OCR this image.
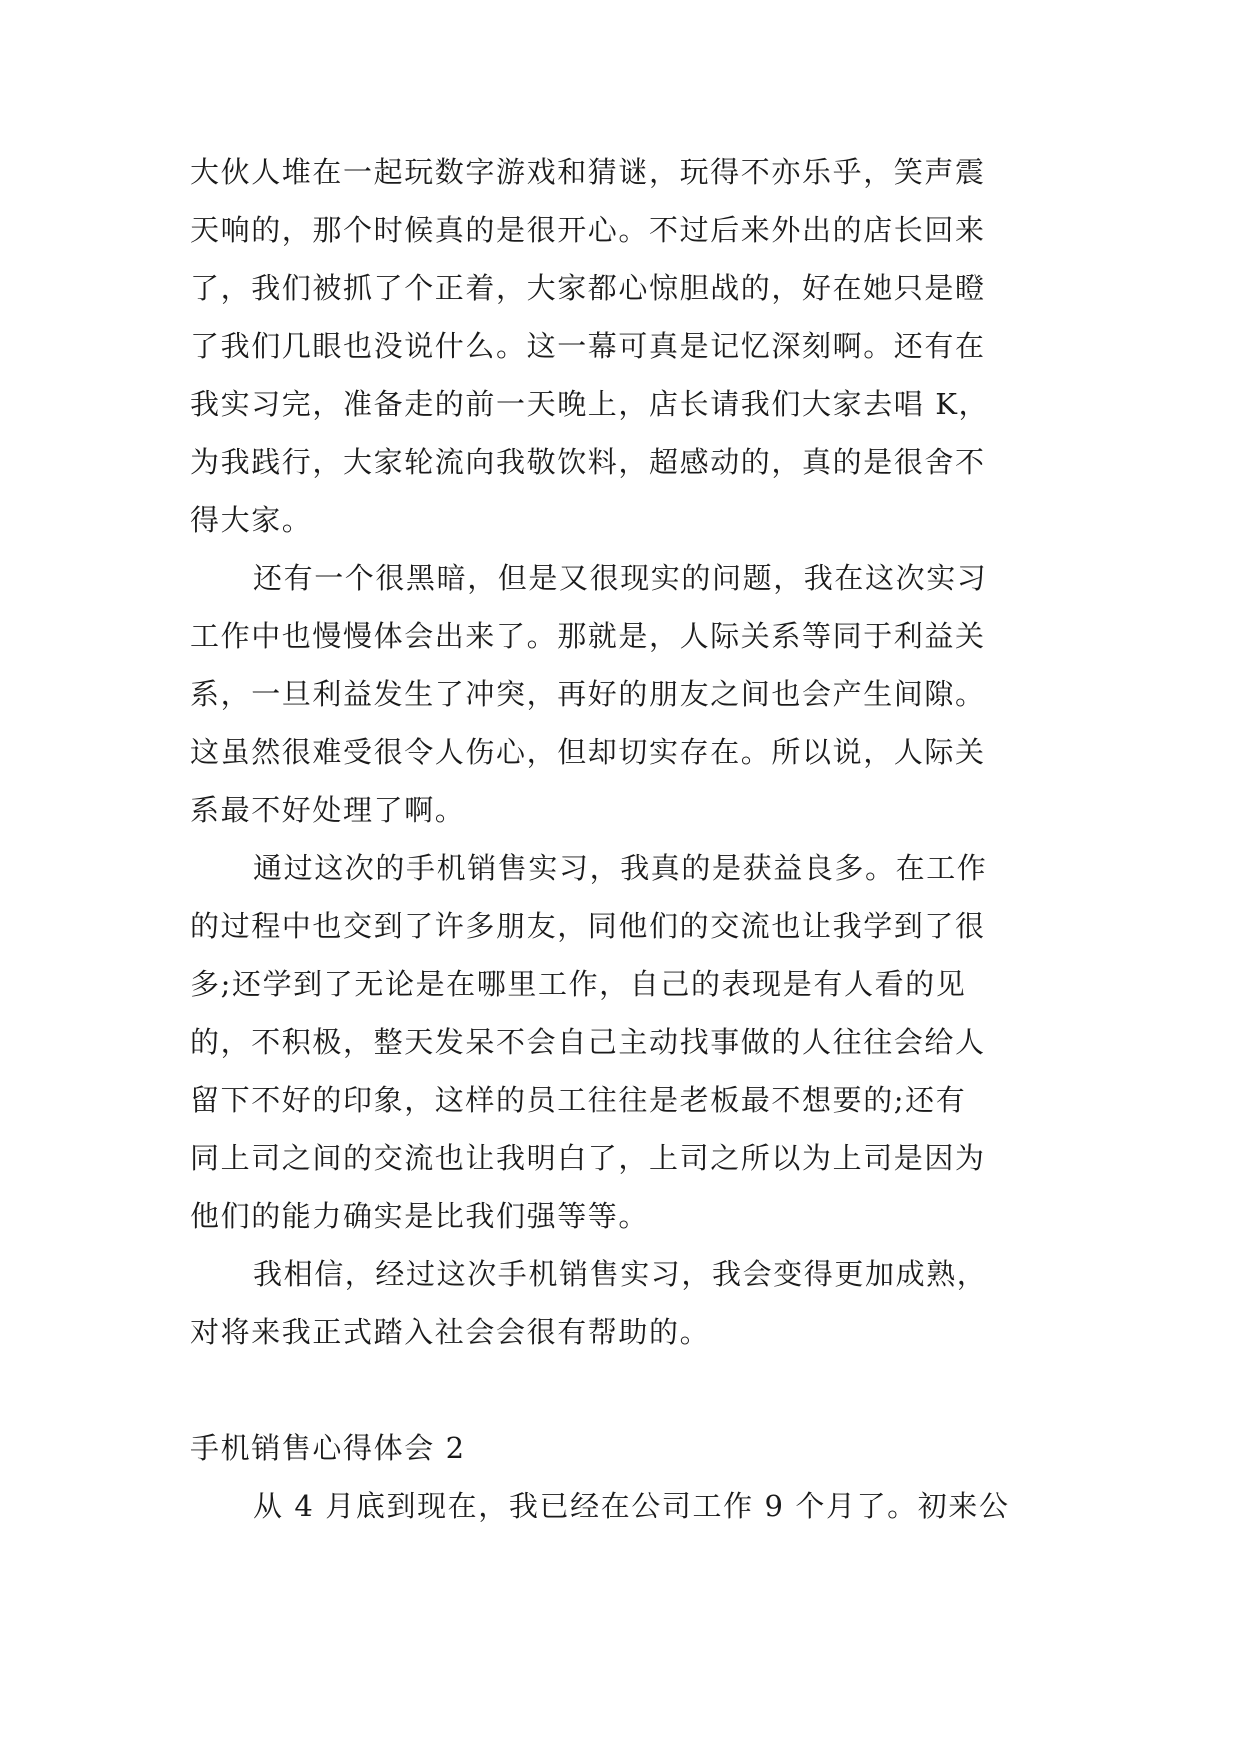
大伙人堆在一起玩数字游戏和猜谜，玩得不亦乐乎，笑声震
天响的，那个时候真的是很开心。不过后来外出的店长回来
了，我们被抓了个正着，大家都心惊胆战的，好在她只是瞪
了我们几眼也没说什么。这一幕可真是记忆深刻啊。还有在
我实习完，准备走的前一天晚上，店长请我们大家去唱 K，
为我践行，大家轮流向我敬饮料，超感动的，真的是很舍不
得大家。
还有一个很黑暗，但是又很现实的问题，我在这次实习
工作中也慢慢体会出来了。那就是，人际关系等同于利益关
系，一旦利益发生了冲突，再好的朋友之间也会产生间隙。
这虽然很难受很令人伤心，但却切实存在。所以说，人际关
系最不好处理了啊。
通过这次的手机销售实习，我真的是获益良多。在工作
的过程中也交到了许多朋友，同他们的交流也让我学到了很
多;还学到了无论是在哪里工作，自己的表现是有人看的见
的，不积极，整天发呆不会自己主动找事做的人往往会给人
留下不好的印象，这样的员工往往是老板最不想要的;还有
同上司之间的交流也让我明白了，上司之所以为上司是因为
他们的能力确实是比我们强等等。
我相信，经过这次手机销售实习，我会变得更加成熟，
对将来我正式踏入社会会很有帮助的。
手机销售心得体会 2
从 4 月底到现在，我已经在公司工作 9 个月了。初来公
